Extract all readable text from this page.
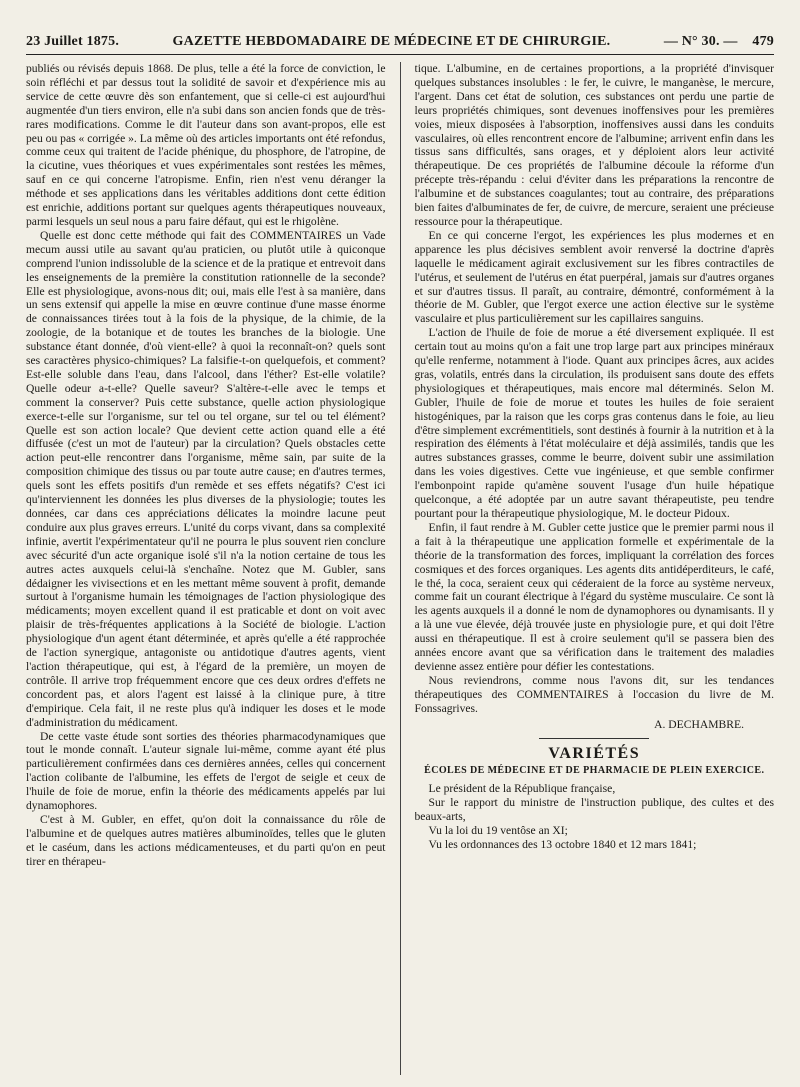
23 Juillet 1875.	GAZETTE HEBDOMADAIRE DE MÉDECINE ET DE CHIRURGIE.	— N° 30. — 479

publiés ou révisés depuis 1868. De plus, telle a été la force de conviction, le soin réfléchi et par dessus tout la solidité de savoir et d'expérience mis au service de cette œuvre dès son enfantement, que si celle-ci est aujourd'hui augmentée d'un tiers environ, elle n'a subi dans son ancien fonds que de très-rares modifications. Comme le dit l'auteur dans son avant-propos, elle est peu ou pas « corrigée ». La même où des articles importants ont été refondus, comme ceux qui traitent de l'acide phénique, du phosphore, de l'atropine, de la cicutine, vues théoriques et vues expérimentales sont restées les mêmes, sauf en ce qui concerne l'atropisme. Enfin, rien n'est venu déranger la méthode et ses applications dans les véritables additions dont cette édition est enrichie, additions portant sur quelques agents thérapeutiques nouveaux, parmi lesquels un seul nous a paru faire défaut, qui est le rhigolène.

Quelle est donc cette méthode qui fait des COMMENTAIRES un Vade mecum aussi utile au savant qu'au praticien, ou plutôt utile à quiconque comprend l'union indissoluble de la science et de la pratique et entrevoit dans les enseignements de la première la constitution rationnelle de la seconde? Elle est physiologique, avons-nous dit; oui, mais elle l'est à sa manière, dans un sens extensif qui appelle la mise en œuvre continue d'une masse énorme de connaissances tirées tout à la fois de la physique, de la chimie, de la zoologie, de la botanique et de toutes les branches de la biologie. Une substance étant donnée, d'où vient-elle? à quoi la reconnaît-on? quels sont ses caractères physico-chimiques? La falsifie-t-on quelquefois, et comment? Est-elle soluble dans l'eau, dans l'alcool, dans l'éther? Est-elle volatile? Quelle odeur a-t-elle? Quelle saveur? S'altère-t-elle avec le temps et comment la conserver? Puis cette substance, quelle action physiologique exerce-t-elle sur l'organisme, sur tel ou tel organe, sur tel ou tel élément? Quelle est son action locale? Que devient cette action quand elle a été diffusée (c'est un mot de l'auteur) par la circulation? Quels obstacles cette action peut-elle rencontrer dans l'organisme, même sain, par suite de la composition chimique des tissus ou par toute autre cause; en d'autres termes, quels sont les effets positifs d'un remède et ses effets négatifs? C'est ici qu'interviennent les données les plus diverses de la physiologie; toutes les données, car dans ces appréciations délicates la moindre lacune peut conduire aux plus graves erreurs. L'unité du corps vivant, dans sa complexité infinie, avertit l'expérimentateur qu'il ne pourra le plus souvent rien conclure avec sécurité d'un acte organique isolé s'il n'a la notion certaine de tous les autres actes auxquels celui-là s'enchaîne. Notez que M. Gubler, sans dédaigner les vivisections et en les mettant même souvent à profit, demande surtout à l'organisme humain les témoignages de l'action physiologique des médicaments; moyen excellent quand il est praticable et dont on voit avec plaisir de très-fréquentes applications à la Société de biologie. L'action physiologique d'un agent étant déterminée, et après qu'elle a été rapprochée de l'action synergique, antagoniste ou antidotique d'autres agents, vient l'action thérapeutique, qui est, à l'égard de la première, un moyen de contrôle. Il arrive trop fréquemment encore que ces deux ordres d'effets ne concordent pas, et alors l'agent est laissé à la clinique pure, à titre d'empirique. Cela fait, il ne reste plus qu'à indiquer les doses et le mode d'administration du médicament.

De cette vaste étude sont sorties des théories pharmacodynamiques que tout le monde connaît. L'auteur signale lui-même, comme ayant été plus particulièrement confirmées dans ces dernières années, celles qui concernent l'action colibante de l'albumine, les effets de l'ergot de seigle et ceux de l'huile de foie de morue, enfin la théorie des médicaments appelés par lui dynamophores.

C'est à M. Gubler, en effet, qu'on doit la connaissance du rôle de l'albumine et de quelques autres matières albuminoïdes, telles que le gluten et le caséum, dans les actions médicamenteuses, et du parti qu'on en peut tirer en thérapeu-

tique. L'albumine, en de certaines proportions, a la propriété d'invisquer quelques substances insolubles : le fer, le cuivre, le manganèse, le mercure, l'argent. Dans cet état de solution, ces substances ont perdu une partie de leurs propriétés chimiques, sont devenues inoffensives pour les premières voies, mieux disposées à l'absorption, inoffensives aussi dans les conduits vasculaires, où elles rencontrent encore de l'albumine; arrivent enfin dans les tissus sans difficultés, sans orages, et y déploient alors leur activité thérapeutique. De ces propriétés de l'albumine découle la réforme d'un précepte très-répandu : celui d'éviter dans les préparations la rencontre de l'albumine et de substances coagulantes; tout au contraire, des préparations bien faites d'albuminates de fer, de cuivre, de mercure, seraient une précieuse ressource pour la thérapeutique.

En ce qui concerne l'ergot, les expériences les plus modernes et en apparence les plus décisives semblent avoir renversé la doctrine d'après laquelle le médicament agirait exclusivement sur les fibres contractiles de l'utérus, et seulement de l'utérus en état puerpéral, jamais sur d'autres organes et sur d'autres tissus. Il paraît, au contraire, démontré, conformément à la théorie de M. Gubler, que l'ergot exerce une action élective sur le système vasculaire et plus particulièrement sur les capillaires sanguins.

L'action de l'huile de foie de morue a été diversement expliquée. Il est certain tout au moins qu'on a fait une trop large part aux principes minéraux qu'elle renferme, notamment à l'iode. Quant aux principes âcres, aux acides gras, volatils, entrés dans la circulation, ils produisent sans doute des effets physiologiques et thérapeutiques, mais encore mal déterminés. Selon M. Gubler, l'huile de foie de morue et toutes les huiles de foie seraient histogéniques, par la raison que les corps gras contenus dans le foie, au lieu d'être simplement excrémentitiels, sont destinés à fournir à la nutrition et à la respiration des éléments à l'état moléculaire et déjà assimilés, tandis que les autres substances grasses, comme le beurre, doivent subir une assimilation dans les voies digestives. Cette vue ingénieuse, et que semble confirmer l'embonpoint rapide qu'amène souvent l'usage d'un huile hépatique quelconque, a été adoptée par un autre savant thérapeutiste, peu tendre pourtant pour la thérapeutique physiologique, M. le docteur Pidoux.

Enfin, il faut rendre à M. Gubler cette justice que le premier parmi nous il a fait à la thérapeutique une application formelle et expérimentale de la théorie de la transformation des forces, impliquant la corrélation des forces cosmiques et des forces organiques. Les agents dits antidéperditeurs, le café, le thé, la coca, seraient ceux qui céderaient de la force au système nerveux, comme fait un courant électrique à l'égard du système musculaire. Ce sont là les agents auxquels il a donné le nom de dynamophores ou dynamisants. Il y a là une vue élevée, déjà trouvée juste en physiologie pure, et qui doit l'être aussi en thérapeutique. Il est à croire seulement qu'il se passera bien des années encore avant que sa vérification dans le traitement des maladies devienne assez entière pour défier les contestations.

Nous reviendrons, comme nous l'avons dit, sur les tendances thérapeutiques des COMMENTAIRES à l'occasion du livre de M. Fonssagrives.

A. DECHAMBRE.
VARIÉTÉS
ÉCOLES DE MÉDECINE ET DE PHARMACIE DE PLEIN EXERCICE.

Le président de la République française,

Sur le rapport du ministre de l'instruction publique, des cultes et des beaux-arts,

Vu la loi du 19 ventôse an XI;

Vu les ordonnances des 13 octobre 1840 et 12 mars 1841;
